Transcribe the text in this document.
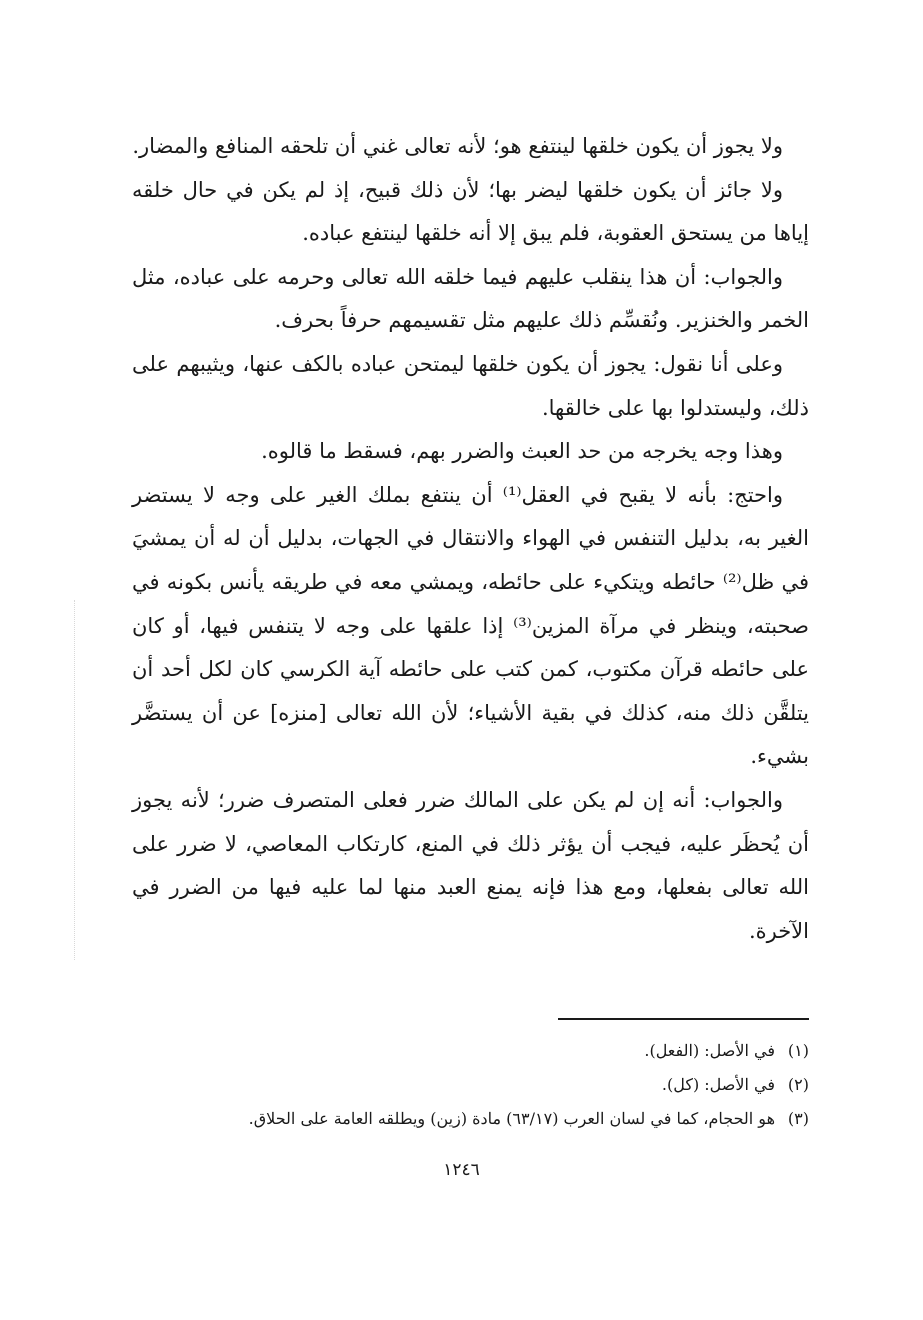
ولا يجوز أن يكون خلقها لينتفع هو؛ لأنه تعالى غني أن تلحقه المنافع والمضار.

ولا جائز أن يكون خلقها ليضر بها؛ لأن ذلك قبيح، إذ لم يكن في حال خلقه إياها من يستحق العقوبة، فلم يبق إلا أنه خلقها لينتفع عباده.

والجواب: أن هذا ينقلب عليهم فيما خلقه الله تعالى وحرمه على عباده، مثل الخمر والخنزير. ونُقسِّم ذلك عليهم مثل تقسيمهم حرفاً بحرف.

وعلى أنا نقول: يجوز أن يكون خلقها ليمتحن عباده بالكف عنها، ويثيبهم على ذلك، وليستدلوا بها على خالقها.

وهذا وجه يخرجه من حد العبث والضرر بهم، فسقط ما قالوه.

واحتج: بأنه لا يقبح في العقل⁽¹⁾ أن ينتفع بملك الغير على وجه لا يستضر الغير به، بدليل التنفس في الهواء والانتقال في الجهات، بدليل أن له أن يمشيَ في ظل⁽²⁾ حائطه ويتكيء على حائطه، ويمشي معه في طريقه يأنس بكونه في صحبته، وينظر في مرآة المزين⁽³⁾ إذا علقها على وجه لا يتنفس فيها، أو كان على حائطه قرآن مكتوب، كمن كتب على حائطه آية الكرسي كان لكل أحد أن يتلقَّن ذلك منه، كذلك في بقية الأشياء؛ لأن الله تعالى [منزه] عن أن يستضَّر بشيء.

والجواب: أنه إن لم يكن على المالك ضرر فعلى المتصرف ضرر؛ لأنه يجوز أن يُحظَر عليه، فيجب أن يؤثر ذلك في المنع، كارتكاب المعاصي، لا ضرر على الله تعالى بفعلها، ومع هذا فإنه يمنع العبد منها لما عليه فيها من الضرر في الآخرة.

(١)
في الأصل: (الفعل).
(٢)
في الأصل: (كل).
(٣)
هو الحجام، كما في لسان العرب (٦٣/١٧) مادة (زين) ويطلقه العامة على الحلاق.
١٢٤٦
